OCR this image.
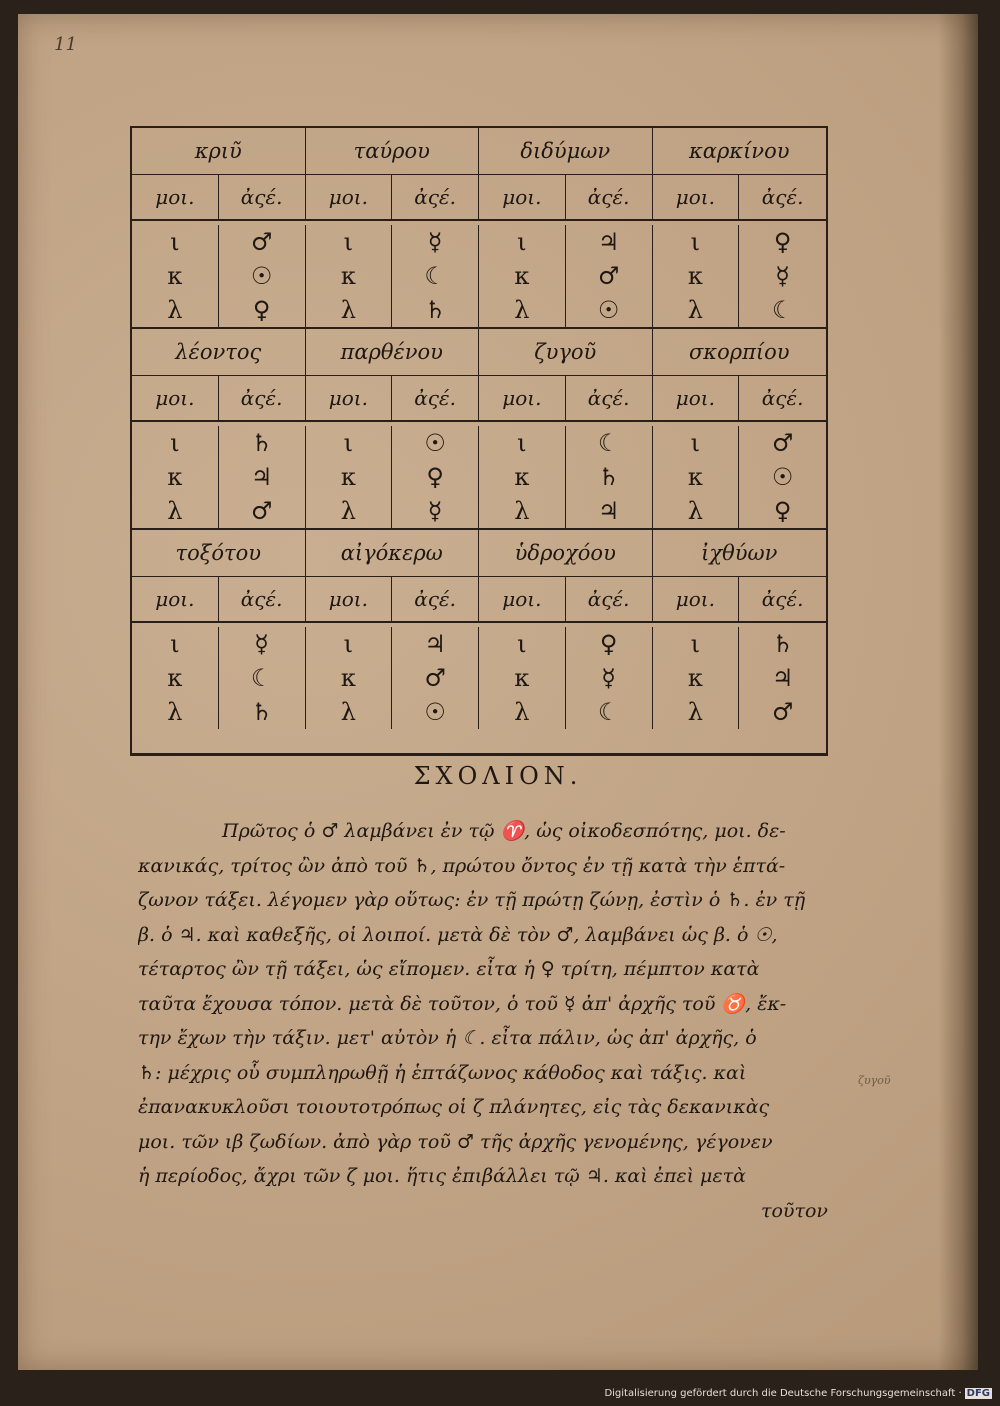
11
κριῦ	ταύρου	διδύμων	καρκίνου
μοι.	ἀςέ.	μοι.	ἀςέ.	μοι.	ἀςέ.	μοι.	ἀςέ.
ι	♂	ι	☿	ι	♃	ι	♀
κ	☉	κ	☾	κ	♂	κ	☿
λ	♀	λ	♄	λ	☉	λ	☾
λέοντος	παρθένου	ζυγοῦ	σκορπίου
μοι.	ἀςέ.	μοι.	ἀςέ.	μοι.	ἀςέ.	μοι.	ἀςέ.
ι	♄	ι	☉	ι	☾	ι	♂
κ	♃	κ	♀	κ	♄	κ	☉
λ	♂	λ	☿	λ	♃	λ	♀
τοξότου	αἰγόκερω	ὑδροχόου	ἰχθύων
μοι.	ἀςέ.	μοι.	ἀςέ.	μοι.	ἀςέ.	μοι.	ἀςέ.
ι	☿	ι	♃	ι	♀	ι	♄
κ	☾	κ	♂	κ	☿	κ	♃
λ	♄	λ	☉	λ	☾	λ	♂
ΣΧΟΛΙΟΝ.
Πρῶτος ὁ ♂ λαμβάνει ἐν τῷ ♈, ὡς οἰκοδεσπότης, μοι. δε-
κανικάς, τρίτος ὢν ἀπὸ τοῦ ♄, πρώτου ὄντος ἐν τῇ κατὰ τὴν ἑπτά-
ζωνον τάξει. λέγομεν γὰρ οὕτως: ἐν τῇ πρώτῃ ζώνῃ, ἐστὶν ὁ ♄. ἐν τῇ
β. ὁ ♃. καὶ καθεξῆς, οἱ λοιποί. μετὰ δὲ τὸν ♂, λαμβάνει ὡς β. ὁ ☉,
τέταρτος ὢν τῇ τάξει, ὡς εἴπομεν. εἶτα ἡ ♀ τρίτη, πέμπτον κατὰ
ταῦτα ἔχουσα τόπον. μετὰ δὲ τοῦτον, ὁ τοῦ ☿ ἀπ' ἀρχῆς τοῦ ♉, ἔκ-
την ἔχων τὴν τάξιν. μετ' αὐτὸν ἡ ☾. εἶτα πάλιν, ὡς ἀπ' ἀρχῆς, ὁ
♄: μέχρις οὗ συμπληρωθῇ ἡ ἑπτάζωνος κάθοδος καὶ τάξις. καὶ
ἐπανακυκλοῦσι τοιουτοτρόπως οἱ ζ πλάνητες, εἰς τὰς δεκανικὰς
μοι. τῶν ιβ ζωδίων. ἀπὸ γὰρ τοῦ ♂ τῆς ἀρχῆς γενομένης, γέγονεν
ἡ περίοδος, ἄχρι τῶν ζ μοι. ἥτις ἐπιβάλλει τῷ ♃. καὶ ἐπεὶ μετὰ
τοῦτον
ζυγοῦ
Digitalisierung gefördert durch die Deutsche Forschungsgemeinschaft · DFG
